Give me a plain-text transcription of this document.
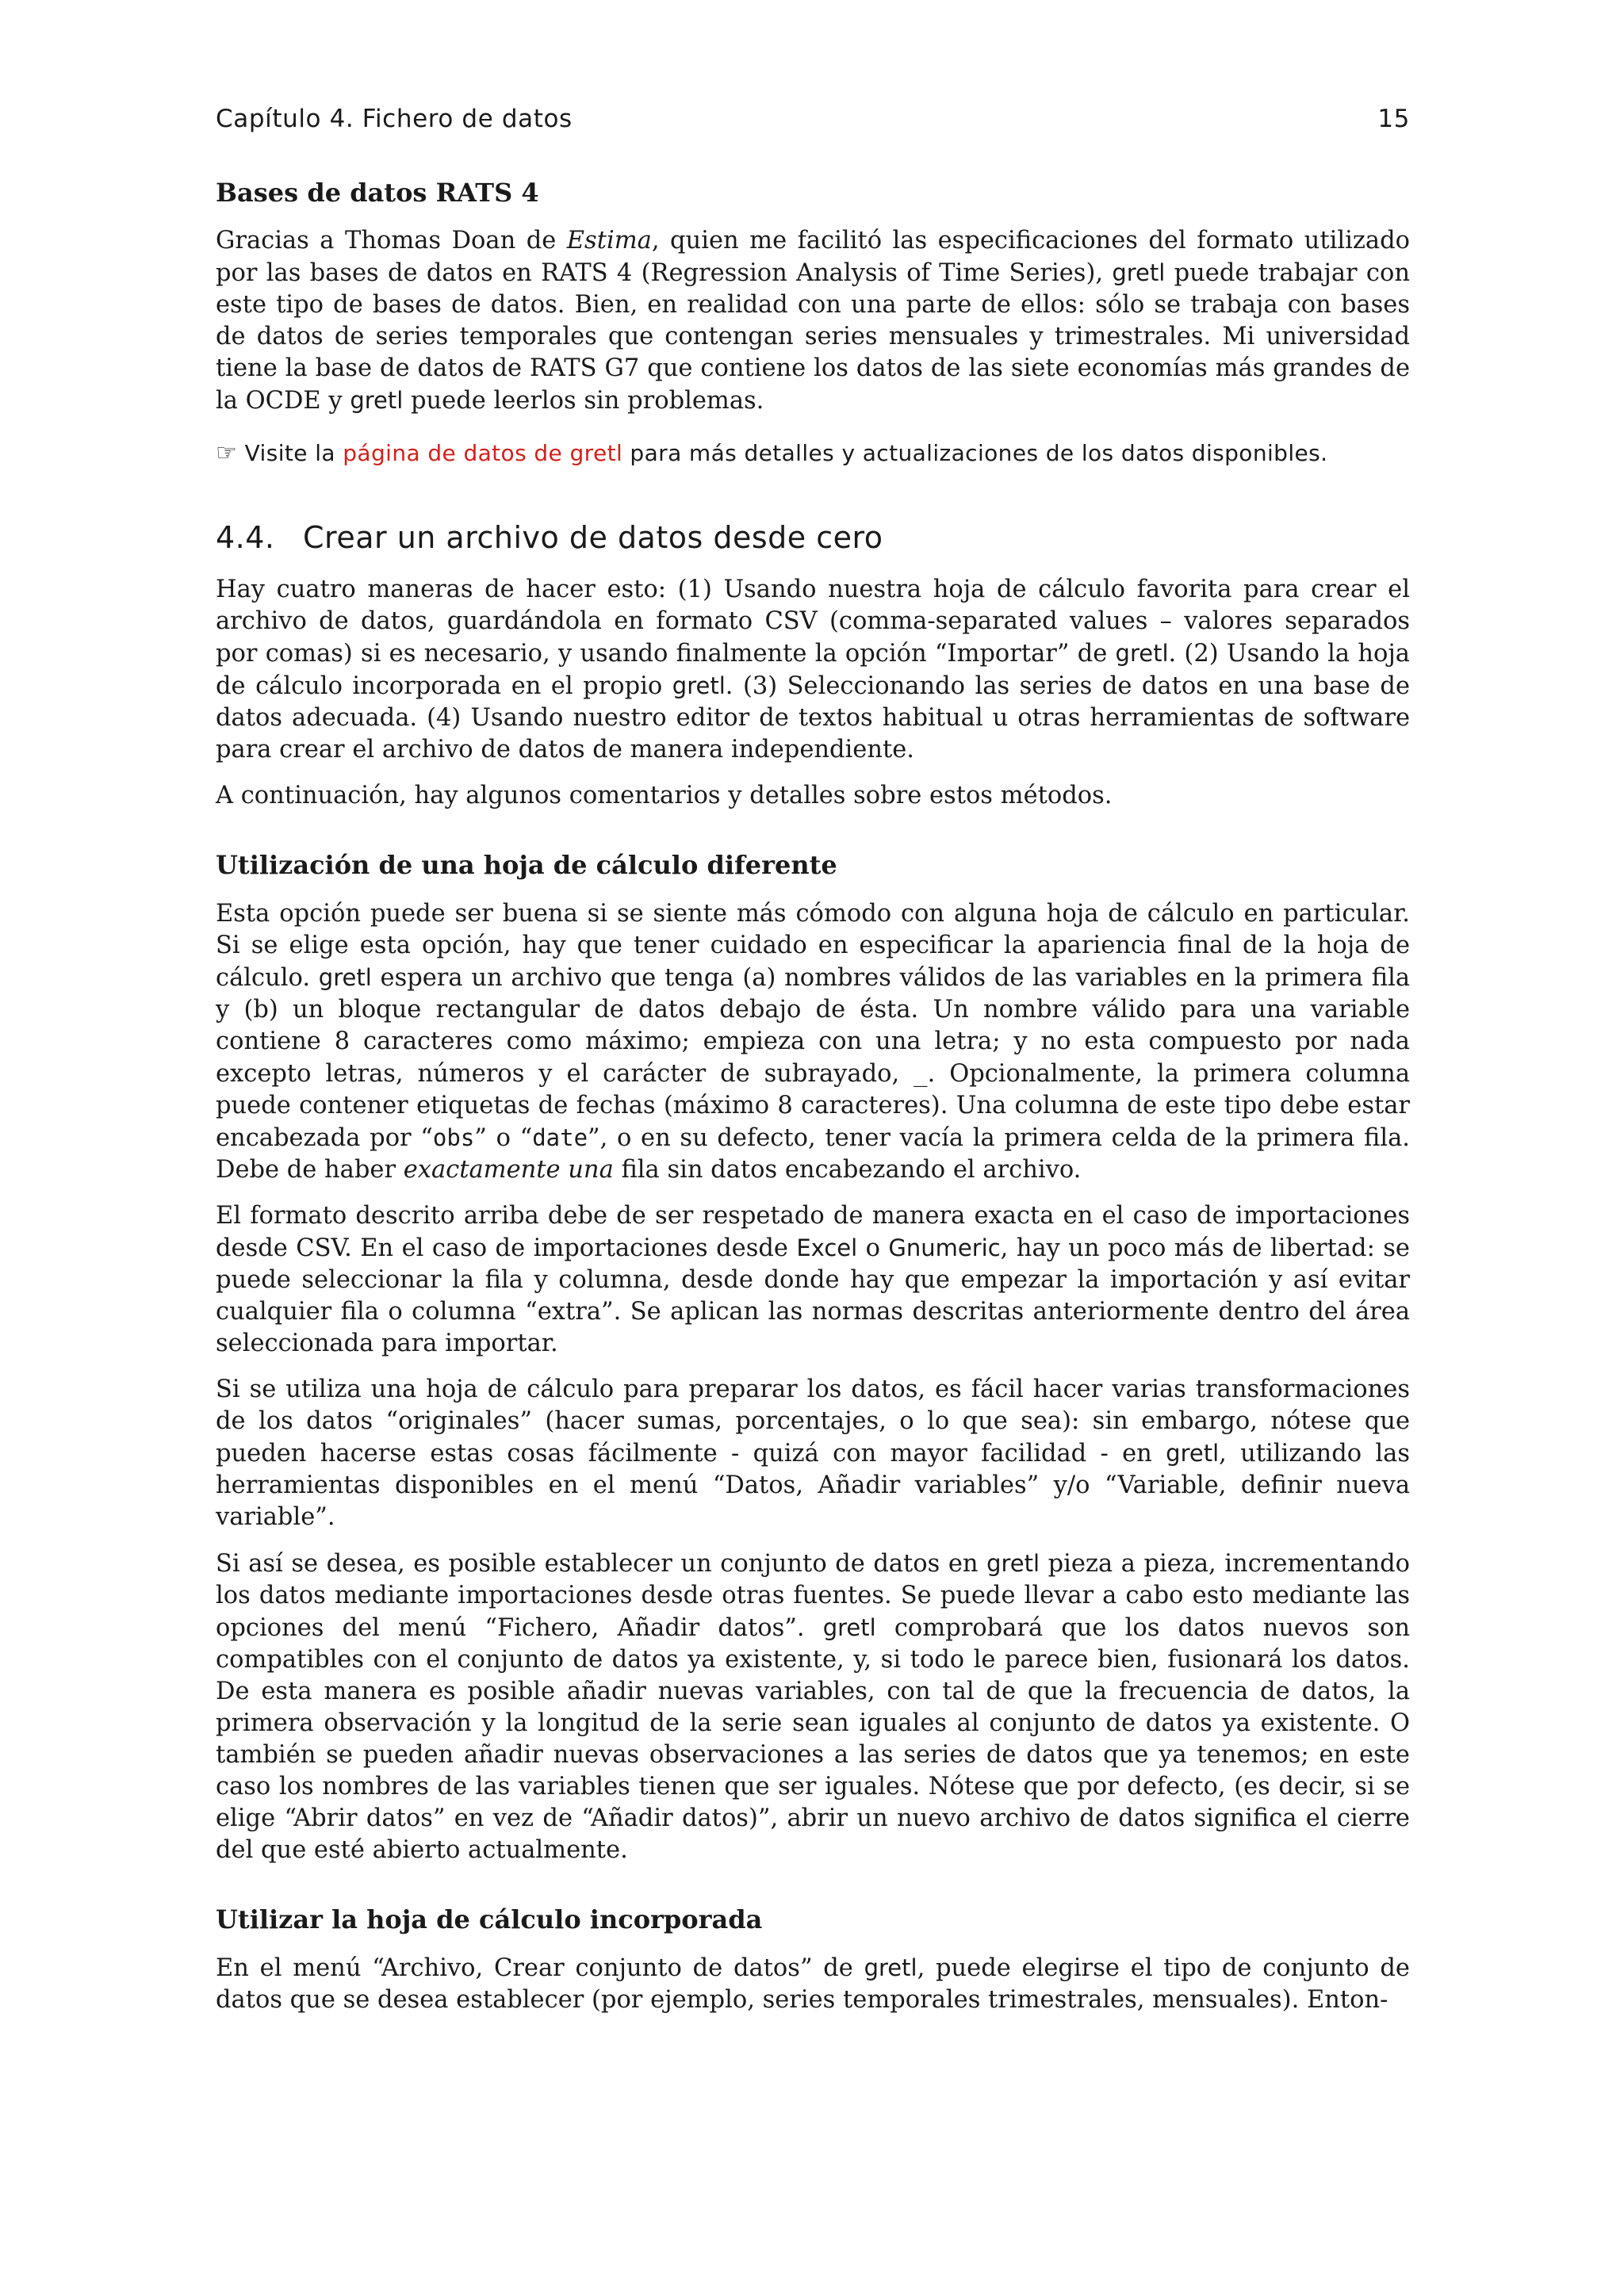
Capítulo 4. Fichero de datos	15
Bases de datos RATS 4

Gracias a Thomas Doan de Estima, quien me facilitó las especificaciones del formato utilizado por las bases de datos en RATS 4 (Regression Analysis of Time Series), gretl puede trabajar con este tipo de bases de datos. Bien, en realidad con una parte de ellos: sólo se trabaja con bases de datos de series temporales que contengan series mensuales y trimestrales. Mi universidad tiene la base de datos de RATS G7 que contiene los datos de las siete economías más grandes de la OCDE y gretl puede leerlos sin problemas.

☞ Visite la página de datos de gretl para más detalles y actualizaciones de los datos disponibles.

4.4. Crear un archivo de datos desde cero

Hay cuatro maneras de hacer esto: (1) Usando nuestra hoja de cálculo favorita para crear el archivo de datos, guardándola en formato CSV (comma-separated values – valores separados por comas) si es necesario, y usando finalmente la opción “Importar” de gretl. (2) Usando la hoja de cálculo incorporada en el propio gretl. (3) Seleccionando las series de datos en una base de datos adecuada. (4) Usando nuestro editor de textos habitual u otras herramientas de software para crear el archivo de datos de manera independiente.

A continuación, hay algunos comentarios y detalles sobre estos métodos.

Utilización de una hoja de cálculo diferente

Esta opción puede ser buena si se siente más cómodo con alguna hoja de cálculo en particular. Si se elige esta opción, hay que tener cuidado en especificar la apariencia final de la hoja de cálculo. gretl espera un archivo que tenga (a) nombres válidos de las variables en la primera fila y (b) un bloque rectangular de datos debajo de ésta. Un nombre válido para una variable contiene 8 caracteres como máximo; empieza con una letra; y no esta compuesto por nada excepto letras, números y el carácter de subrayado, _. Opcionalmente, la primera columna puede contener etiquetas de fechas (máximo 8 caracteres). Una columna de este tipo debe estar encabezada por “obs” o “date”, o en su defecto, tener vacía la primera celda de la primera fila. Debe de haber exactamente una fila sin datos encabezando el archivo.

El formato descrito arriba debe de ser respetado de manera exacta en el caso de importaciones desde CSV. En el caso de importaciones desde Excel o Gnumeric, hay un poco más de libertad: se puede seleccionar la fila y columna, desde donde hay que empezar la importación y así evitar cualquier fila o columna “extra”. Se aplican las normas descritas anteriormente dentro del área seleccionada para importar.

Si se utiliza una hoja de cálculo para preparar los datos, es fácil hacer varias transformaciones de los datos “originales” (hacer sumas, porcentajes, o lo que sea): sin embargo, nótese que pueden hacerse estas cosas fácilmente - quizá con mayor facilidad - en gretl, utilizando las herramientas disponibles en el menú “Datos, Añadir variables” y/o “Variable, definir nueva variable”.

Si así se desea, es posible establecer un conjunto de datos en gretl pieza a pieza, incrementando los datos mediante importaciones desde otras fuentes. Se puede llevar a cabo esto mediante las opciones del menú “Fichero, Añadir datos”. gretl comprobará que los datos nuevos son compatibles con el conjunto de datos ya existente, y, si todo le parece bien, fusionará los datos. De esta manera es posible añadir nuevas variables, con tal de que la frecuencia de datos, la primera observación y la longitud de la serie sean iguales al conjunto de datos ya existente. O también se pueden añadir nuevas observaciones a las series de datos que ya tenemos; en este caso los nombres de las variables tienen que ser iguales. Nótese que por defecto, (es decir, si se elige “Abrir datos” en vez de “Añadir datos)”, abrir un nuevo archivo de datos significa el cierre del que esté abierto actualmente.

Utilizar la hoja de cálculo incorporada

En el menú “Archivo, Crear conjunto de datos” de gretl, puede elegirse el tipo de conjunto de datos que se desea establecer (por ejemplo, series temporales trimestrales, mensuales). Enton-
